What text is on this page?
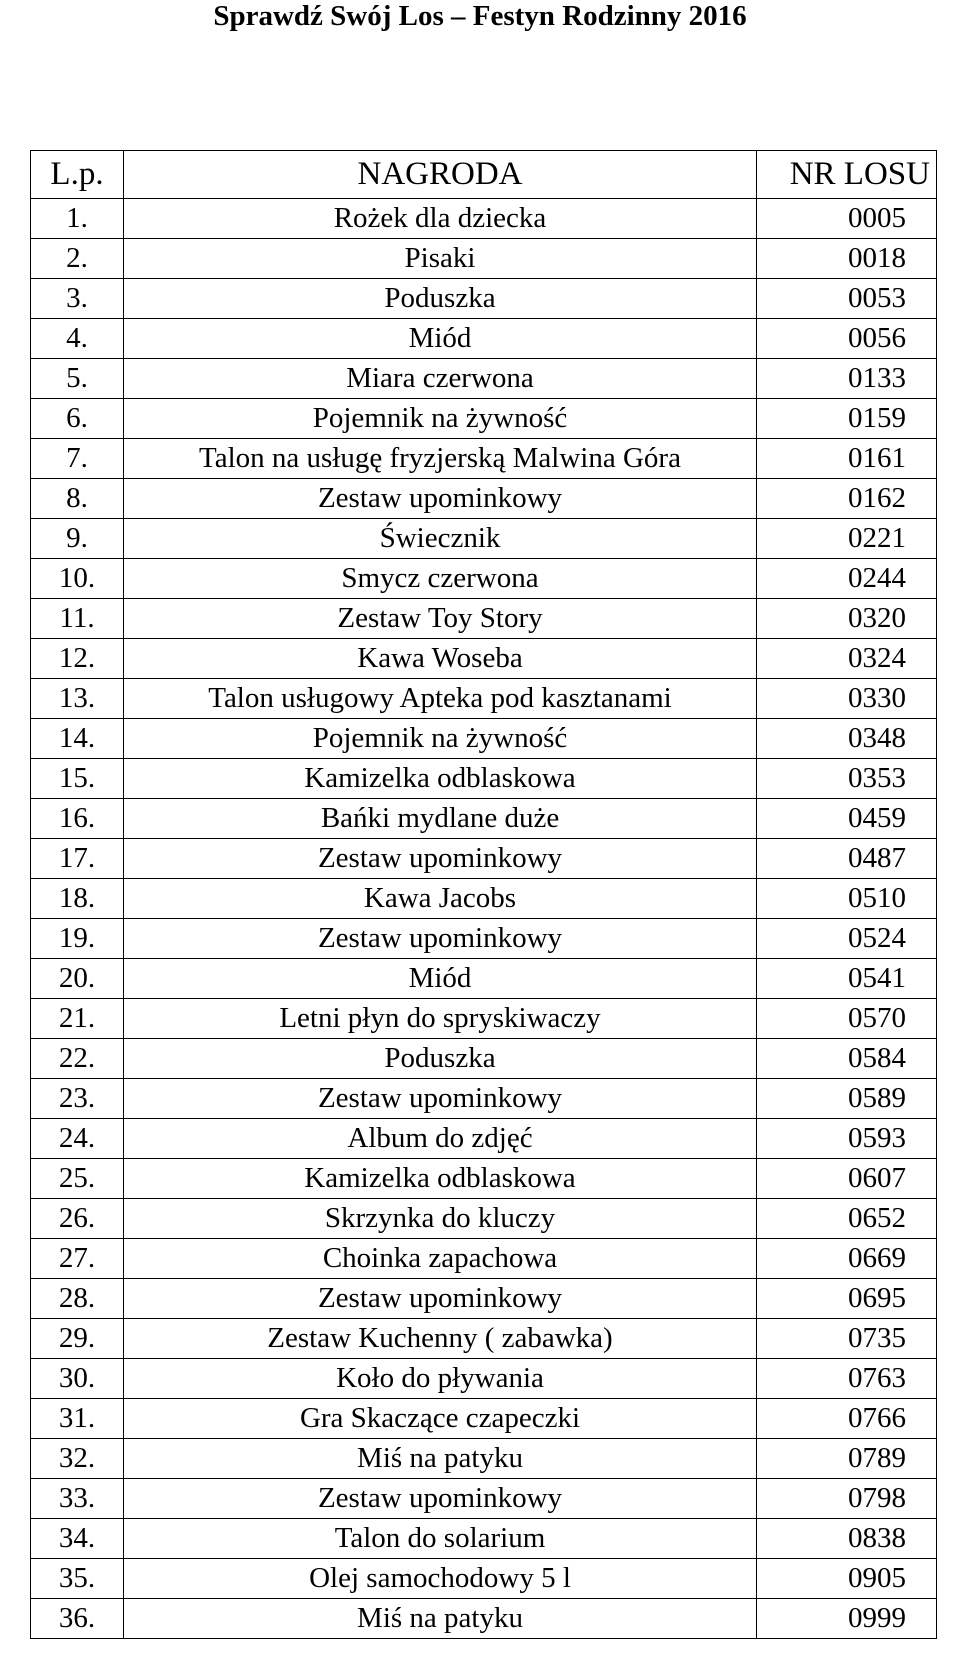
Sprawdź Swój Los – Festyn Rodzinny 2016
L.p.	NAGRODA	NR LOSU
1.	Rożek dla dziecka	0005
2.	Pisaki	0018
3.	Poduszka	0053
4.	Miód	0056
5.	Miara czerwona	0133
6.	Pojemnik na żywność	0159
7.	Talon na usługę fryzjerską Malwina Góra	0161
8.	Zestaw upominkowy	0162
9.	Świecznik	0221
10.	Smycz czerwona	0244
11.	Zestaw Toy Story	0320
12.	Kawa Woseba	0324
13.	Talon usługowy Apteka pod kasztanami	0330
14.	Pojemnik na żywność	0348
15.	Kamizelka odblaskowa	0353
16.	Bańki mydlane duże	0459
17.	Zestaw upominkowy	0487
18.	Kawa Jacobs	0510
19.	Zestaw upominkowy	0524
20.	Miód	0541
21.	Letni płyn do spryskiwaczy	0570
22.	Poduszka	0584
23.	Zestaw upominkowy	0589
24.	Album do zdjęć	0593
25.	Kamizelka odblaskowa	0607
26.	Skrzynka do kluczy	0652
27.	Choinka zapachowa	0669
28.	Zestaw upominkowy	0695
29.	Zestaw Kuchenny ( zabawka)	0735
30.	Koło do pływania	0763
31.	Gra Skaczące czapeczki	0766
32.	Miś na patyku	0789
33.	Zestaw upominkowy	0798
34.	Talon do solarium	0838
35.	Olej samochodowy 5 l	0905
36.	Miś na patyku	0999
